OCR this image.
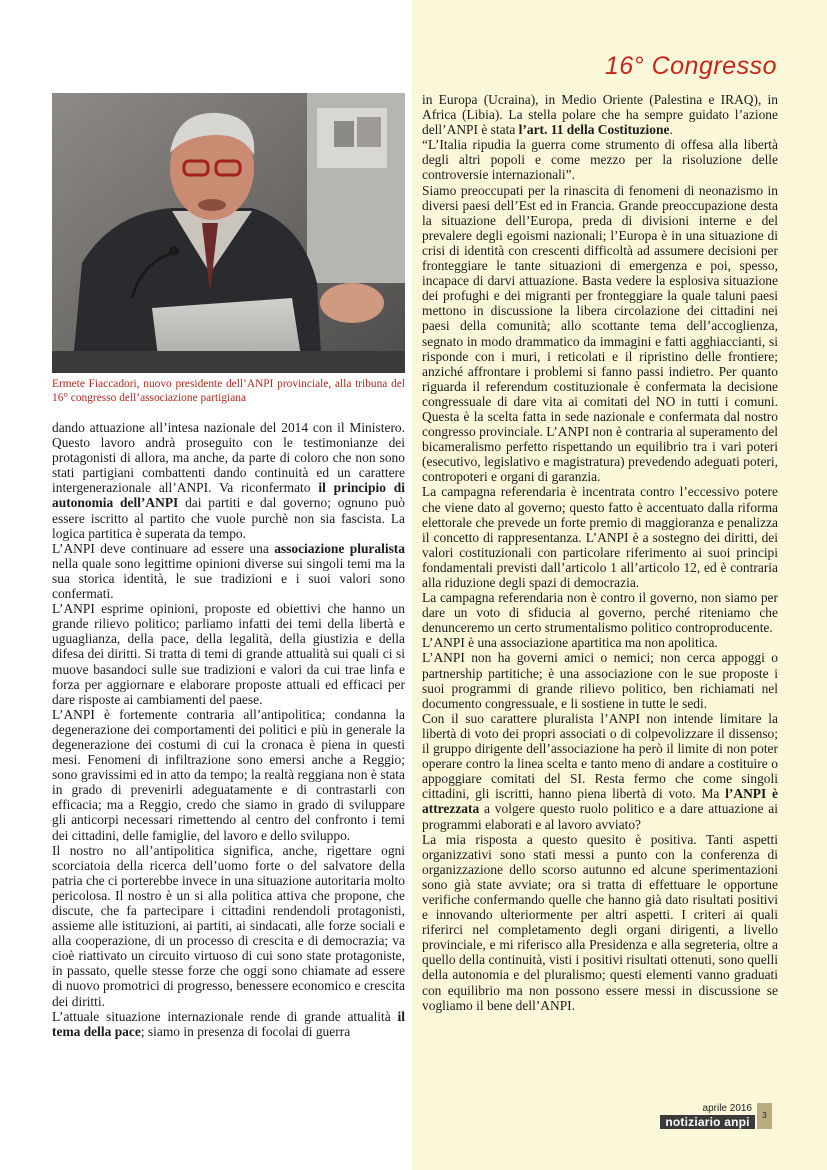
16° Congresso
Ermete Fiaccadori, nuovo presidente dell’ANPI provinciale, alla tribuna del 16° congresso dell’associazione partigiana

dando attuazione all’intesa nazionale del 2014 con il Ministero. Questo lavoro andrà proseguito con le testimonianze dei protagonisti di allora, ma anche, da parte di coloro che non sono stati partigiani combattenti dando continuità ed un carattere intergenerazionale all’ANPI. Va riconfermato il principio di autonomia dell’ANPI dai partiti e dal governo; ognuno può essere iscritto al partito che vuole purchè non sia fascista. La logica partitica è superata da tempo.

L’ANPI deve continuare ad essere una associazione pluralista nella quale sono legittime opinioni diverse sui singoli temi ma la sua storica identità, le sue tradizioni e i suoi valori sono confermati.

L’ANPI esprime opinioni, proposte ed obiettivi che hanno un grande rilievo politico; parliamo infatti dei temi della libertà e uguaglianza, della pace, della legalità, della giustizia e della difesa dei diritti. Si tratta di temi di grande attualità sui quali ci si muove basandoci sulle sue tradizioni e valori da cui trae linfa e forza per aggiornare e elaborare proposte attuali ed efficaci per dare risposte ai cambiamenti del paese.

L’ANPI è fortemente contraria all’antipolitica; condanna la degenerazione dei comportamenti dei politici e più in generale la degenerazione dei costumi di cui la cronaca è piena in questi mesi. Fenomeni di infiltrazione sono emersi anche a Reggio; sono gravissimi ed in atto da tempo; la realtà reggiana non è stata in grado di prevenirli adeguatamente e di contrastarli con efficacia; ma a Reggio, credo che siamo in grado di sviluppare gli anticorpi necessari rimettendo al centro del confronto i temi dei cittadini, delle famiglie, del lavoro e dello sviluppo.

Il nostro no all’antipolitica significa, anche, rigettare ogni scorciatoia della ricerca dell’uomo forte o del salvatore della patria che ci porterebbe invece in una situazione autoritaria molto pericolosa. Il nostro è un si alla politica attiva che propone, che discute, che fa partecipare i cittadini rendendoli protagonisti, assieme alle istituzioni, ai partiti, ai sindacati, alle forze sociali e alla cooperazione, di un processo di crescita e di democrazia; va cioè riattivato un circuito virtuoso di cui sono state protagoniste, in passato, quelle stesse forze che oggi sono chiamate ad essere di nuovo promotrici di progresso, benessere economico e crescita dei diritti.

L’attuale situazione internazionale rende di grande attualità il tema della pace; siamo in presenza di focolai di guerra

in Europa (Ucraina), in Medio Oriente (Palestina e IRAQ), in Africa (Libia). La stella polare che ha sempre guidato l’azione dell’ANPI è stata l’art. 11 della Costituzione.

“L’Italia ripudia la guerra come strumento di offesa alla libertà degli altri popoli e come mezzo per la risoluzione delle controversie internazionali”.

Siamo preoccupati per la rinascita di fenomeni di neonazismo in diversi paesi dell’Est ed in Francia. Grande preoccupazione desta la situazione dell’Europa, preda di divisioni interne e del prevalere degli egoismi nazionali; l’Europa è in una situazione di crisi di identità con crescenti difficoltà ad assumere decisioni per fronteggiare le tante situazioni di emergenza e poi, spesso, incapace di darvi attuazione. Basta vedere la esplosiva situazione dei profughi e dei migranti per fronteggiare la quale taluni paesi mettono in discussione la libera circolazione dei cittadini nei paesi della comunità; allo scottante tema dell’accoglienza, segnato in modo drammatico da immagini e fatti agghiaccianti, si risponde con i muri, i reticolati e il ripristino delle frontiere; anziché affrontare i problemi si fanno passi indietro. Per quanto riguarda il referendum costituzionale è confermata la decisione congressuale di dare vita ai comitati del NO in tutti i comuni. Questa è la scelta fatta in sede nazionale e confermata dal nostro congresso provinciale. L’ANPI non è contraria al superamento del bicameralismo perfetto rispettando un equilibrio tra i vari poteri (esecutivo, legislativo e magistratura) prevedendo adeguati poteri, contropoteri e organi di garanzia.

La campagna referendaria è incentrata contro l’eccessivo potere che viene dato al governo; questo fatto è accentuato dalla riforma elettorale che prevede un forte premio di maggioranza e penalizza il concetto di rappresentanza. L’ANPI è a sostegno dei diritti, dei valori costituzionali con particolare riferimento ai suoi principi fondamentali previsti dall’articolo 1 all’articolo 12, ed è contraria alla riduzione degli spazi di democrazia.

La campagna referendaria non è contro il governo, non siamo per dare un voto di sfiducia al governo, perché riteniamo che denunceremo un certo strumentalismo politico controproducente.

L’ANPI è una associazione apartitica ma non apolitica.

L’ANPI non ha governi amici o nemici; non cerca appoggi o partnership partitiche; è una associazione con le sue proposte i suoi programmi di grande rilievo politico, ben richiamati nel documento congressuale, e li sostiene in tutte le sedi.

Con il suo carattere pluralista l’ANPI non intende limitare la libertà di voto dei propri associati o di colpevolizzare il dissenso; il gruppo dirigente dell’associazione ha però il limite di non poter operare contro la linea scelta e tanto meno di andare a costituire o appoggiare comitati del SI. Resta fermo che come singoli cittadini, gli iscritti, hanno piena libertà di voto. Ma l’ANPI è attrezzata a volgere questo ruolo politico e a dare attuazione ai programmi elaborati e al lavoro avviato?

La mia risposta a questo quesito è positiva. Tanti aspetti organizzativi sono stati messi a punto con la conferenza di organizzazione dello scorso autunno ed alcune sperimentazioni sono già state avviate; ora si tratta di effettuare le opportune verifiche confermando quelle che hanno già dato risultati positivi e innovando ulteriormente per altri aspetti. I criteri ai quali riferirci nel completamento degli organi dirigenti, a livello provinciale, e mi riferisco alla Presidenza e alla segreteria, oltre a quello della continuità, visti i positivi risultati ottenuti, sono quelli della autonomia e del pluralismo; questi elementi vanno graduati con equilibrio ma non possono essere messi in discussione se vogliamo il bene dell’ANPI.

aprile 2016
notiziario anpi	3
